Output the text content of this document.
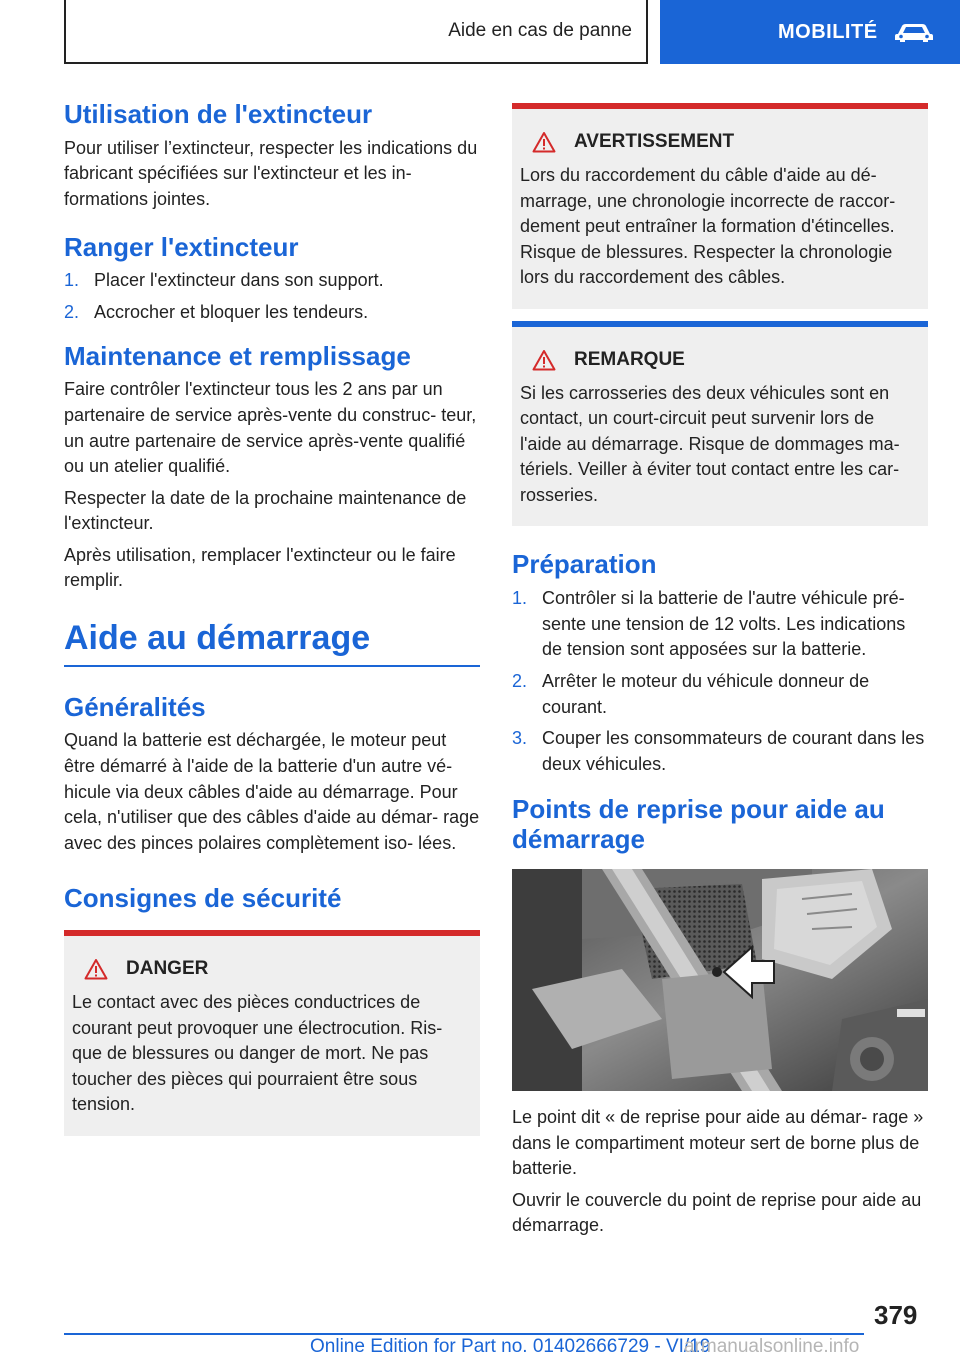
Aide en cas de panne	MOBILITÉ
Utilisation de l'extincteur

Pour utiliser l’extincteur, respecter les indications du fabricant spécifiées sur l'extincteur et les in- formations jointes.

Ranger l'extincteur
1. Placer l'extincteur dans son support.
2. Accrocher et bloquer les tendeurs.
Maintenance et remplissage

Faire contrôler l'extincteur tous les 2 ans par un partenaire de service après-vente du construc- teur, un autre partenaire de service après-vente qualifié ou un atelier qualifié.

Respecter la date de la prochaine maintenance de l'extincteur.

Après utilisation, remplacer l'extincteur ou le faire remplir.

Aide au démarrage
Généralités

Quand la batterie est déchargée, le moteur peut être démarré à l'aide de la batterie d'un autre vé- hicule via deux câbles d'aide au démarrage. Pour cela, n'utiliser que des câbles d'aide au démar- rage avec des pinces polaires complètement iso- lées.

Consignes de sécurité
DANGER

Le contact avec des pièces conductrices de courant peut provoquer une électrocution. Ris- que de blessures ou danger de mort. Ne pas toucher des pièces qui pourraient être sous tension.

AVERTISSEMENT

Lors du raccordement du câble d'aide au dé- marrage, une chronologie incorrecte de raccor- dement peut entraîner la formation d'étincelles. Risque de blessures. Respecter la chronologie lors du raccordement des câbles.

REMARQUE

Si les carrosseries des deux véhicules sont en contact, un court-circuit peut survenir lors de l'aide au démarrage. Risque de dommages ma- tériels. Veiller à éviter tout contact entre les car- rosseries.

Préparation
1. Contrôler si la batterie de l'autre véhicule pré- sente une tension de 12 volts. Les indications de tension sont apposées sur la batterie.
2. Arrêter le moteur du véhicule donneur de courant.
3. Couper les consommateurs de courant dans les deux véhicules.
Points de reprise pour aide au démarrage

Le point dit « de reprise pour aide au démar- rage » dans le compartiment moteur sert de borne plus de batterie.

Ouvrir le couvercle du point de reprise pour aide au démarrage.

379
Online Edition for Part no. 01402666729 - VI/19
armanualsonline.info
